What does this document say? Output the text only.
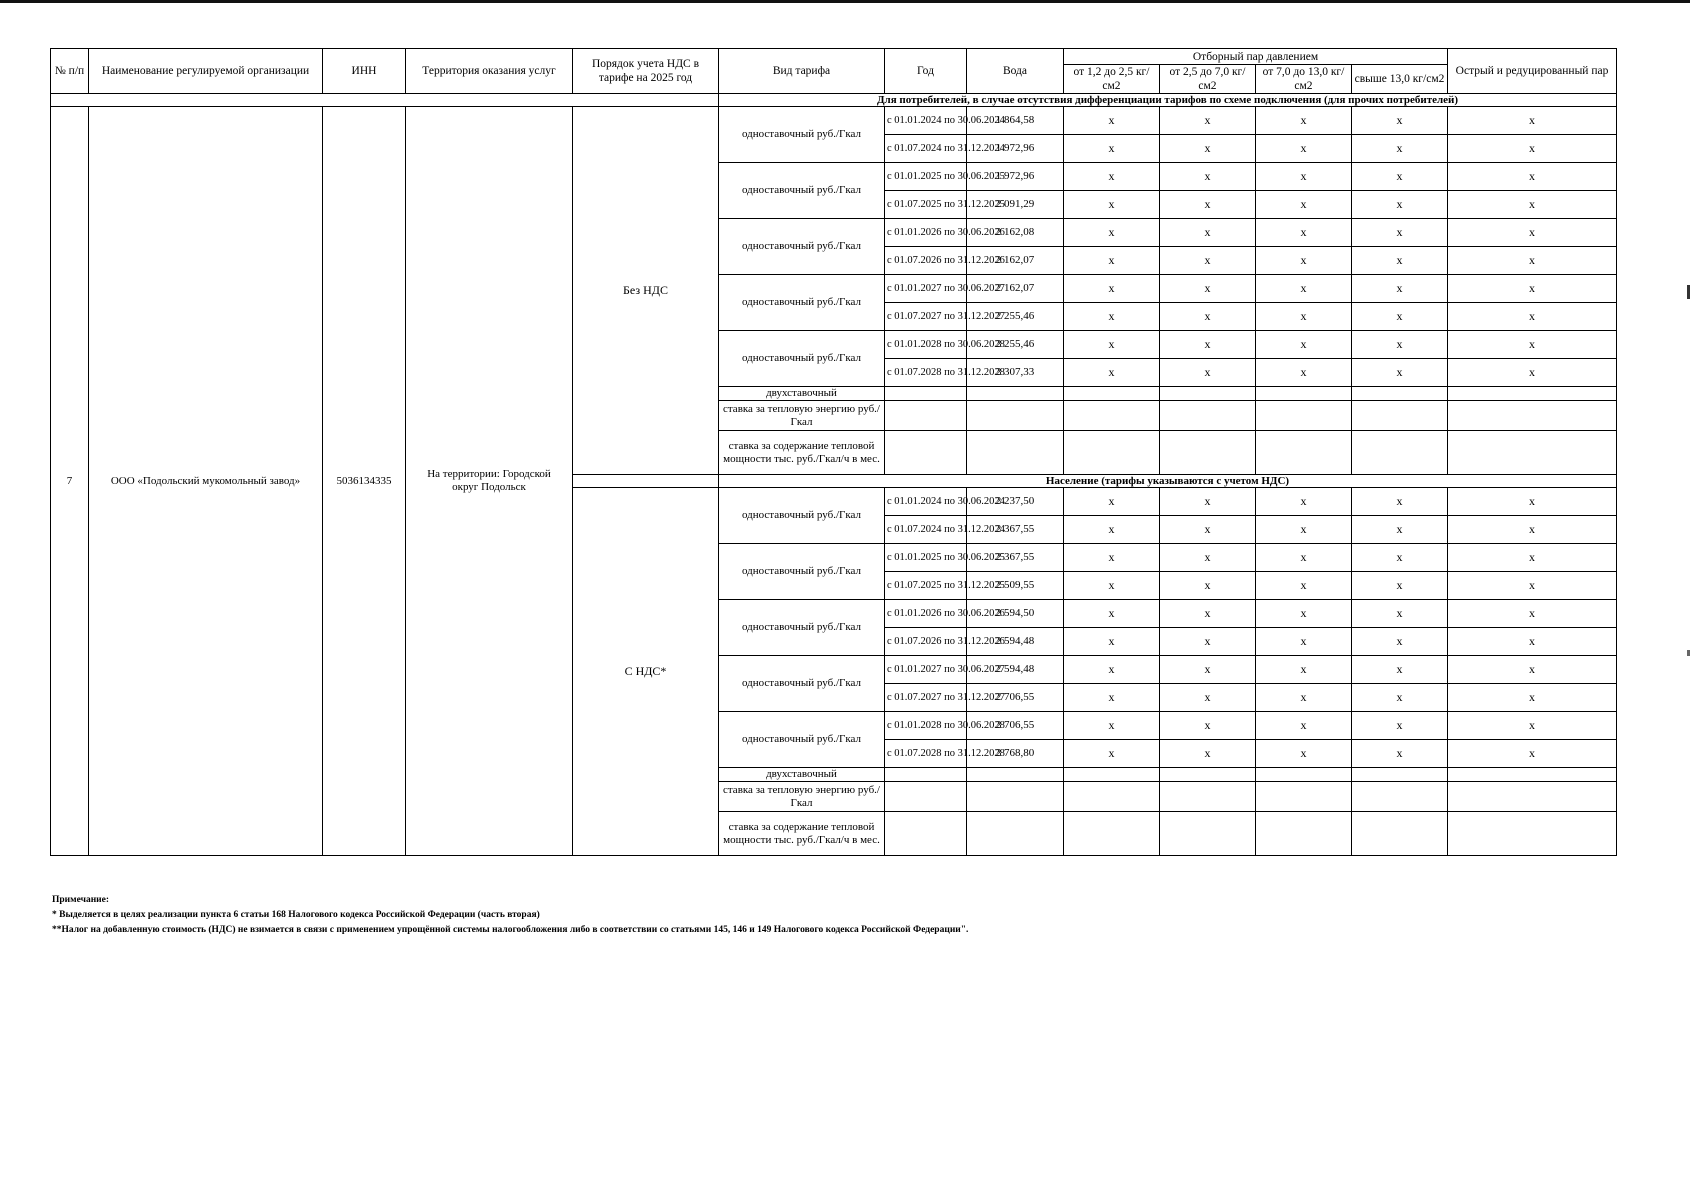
№ п/п	Наименование регулируемой организации	ИНН	Территория оказания услуг	Порядок учета НДС в тарифе на 2025 год	Вид тарифа	Год	Вода	Отборный пар давлением				Острый и редуцированный пар
								от 1,2 до 2,5 кг/см2	от 2,5 до 7,0 кг/см2	от 7,0 до 13,0 кг/см2	свыше 13,0 кг/см2	
					Для потребителей, в случае отсутствия дифференциации тарифов по схеме подключения (для прочих потребителей)							
7	ООО «Подольский мукомольный завод»	5036134335	На территории: Городской округ Подольск	Без НДС	одноставочный руб./Гкал	с 01.01.2024 по 30.06.2024	1 864,58	х	х	х	х	х
						с 01.07.2024 по 31.12.2024	1 972,96	х	х	х	х	х
					одноставочный руб./Гкал	с 01.01.2025 по 30.06.2025	1 972,96	х	х	х	х	х
						с 01.07.2025 по 31.12.2025	2 091,29	х	х	х	х	х
					одноставочный руб./Гкал	с 01.01.2026 по 30.06.2026	2 162,08	х	х	х	х	х
						с 01.07.2026 по 31.12.2026	2 162,07	х	х	х	х	х
					одноставочный руб./Гкал	с 01.01.2027 по 30.06.2027	2 162,07	х	х	х	х	х
						с 01.07.2027 по 31.12.2027	2 255,46	х	х	х	х	х
					одноставочный руб./Гкал	с 01.01.2028 по 30.06.2028	2 255,46	х	х	х	х	х
						с 01.07.2028 по 31.12.2028	2 307,33	х	х	х	х	х
					двухставочный							
					ставка за тепловую энергию руб./Гкал							
					ставка за содержание тепловой мощности тыс. руб./Гкал/ч в мес.							
					Население (тарифы указываются с учетом НДС)							
				С НДС*	одноставочный руб./Гкал	с 01.01.2024 по 30.06.2024	2 237,50	х	х	х	х	х
						с 01.07.2024 по 31.12.2024	2 367,55	х	х	х	х	х
					одноставочный руб./Гкал	с 01.01.2025 по 30.06.2025	2 367,55	х	х	х	х	х
						с 01.07.2025 по 31.12.2025	2 509,55	х	х	х	х	х
					одноставочный руб./Гкал	с 01.01.2026 по 30.06.2026	2 594,50	х	х	х	х	х
						с 01.07.2026 по 31.12.2026	2 594,48	х	х	х	х	х
					одноставочный руб./Гкал	с 01.01.2027 по 30.06.2027	2 594,48	х	х	х	х	х
						с 01.07.2027 по 31.12.2027	2 706,55	х	х	х	х	х
					одноставочный руб./Гкал	с 01.01.2028 по 30.06.2028	2 706,55	х	х	х	х	х
						с 01.07.2028 по 31.12.2028	2 768,80	х	х	х	х	х
					двухставочный							
					ставка за тепловую энергию руб./Гкал							
					ставка за содержание тепловой мощности тыс. руб./Гкал/ч в мес.							
Примечание:
* Выделяется в целях реализации пункта 6 статьи 168 Налогового кодекса Российской Федерации (часть вторая)
**Налог на добавленную стоимость (НДС) не взимается в связи с применением упрощённой системы налогообложения либо в соответствии со статьями 145, 146 и 149 Налогового кодекса Российской Федерации".
